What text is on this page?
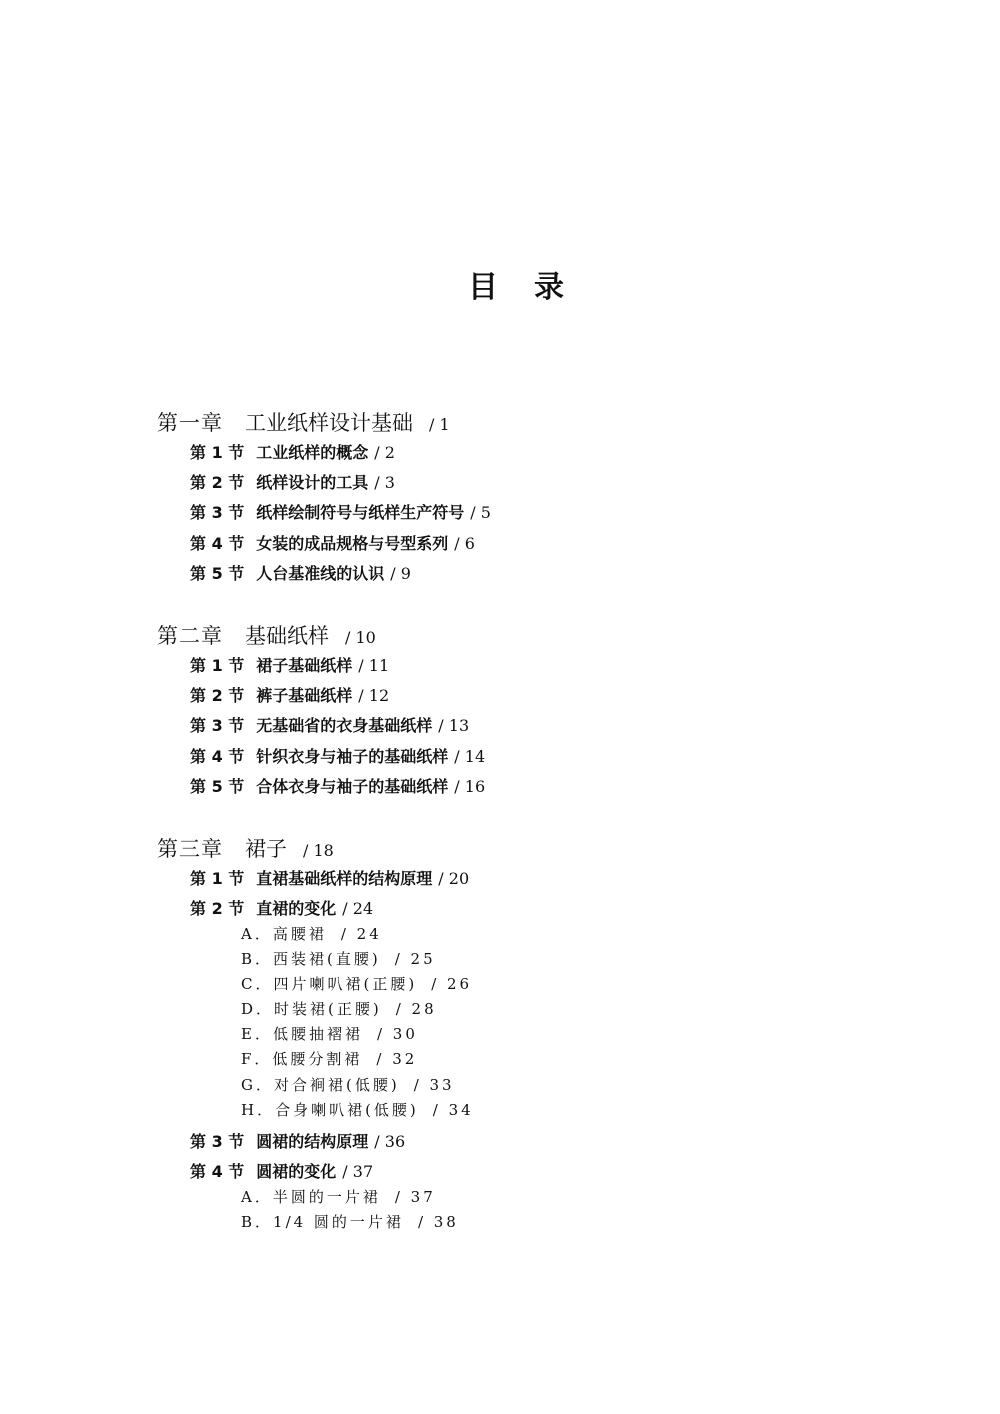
目录
第一章 工业纸样设计基础 / 1
第 1 节 工业纸样的概念 / 2
第 2 节 纸样设计的工具 / 3
第 3 节 纸样绘制符号与纸样生产符号 / 5
第 4 节 女装的成品规格与号型系列 / 6
第 5 节 人台基准线的认识 / 9
第二章 基础纸样 / 10
第 1 节 裙子基础纸样 / 11
第 2 节 裤子基础纸样 / 12
第 3 节 无基础省的衣身基础纸样 / 13
第 4 节 针织衣身与袖子的基础纸样 / 14
第 5 节 合体衣身与袖子的基础纸样 / 16
第三章 裙子 / 18
第 1 节 直裙基础纸样的结构原理 / 20
第 2 节 直裙的变化 / 24
A．高腰裙 / 24
B．西装裙(直腰) / 25
C．四片喇叭裙(正腰) / 26
D．时装裙(正腰) / 28
E．低腰抽褶裙 / 30
F．低腰分割裙 / 32
G．对合裥裙(低腰) / 33
H．合身喇叭裙(低腰) / 34
第 3 节 圆裙的结构原理 / 36
第 4 节 圆裙的变化 / 37
A．半圆的一片裙 / 37
B．1/4 圆的一片裙 / 38
